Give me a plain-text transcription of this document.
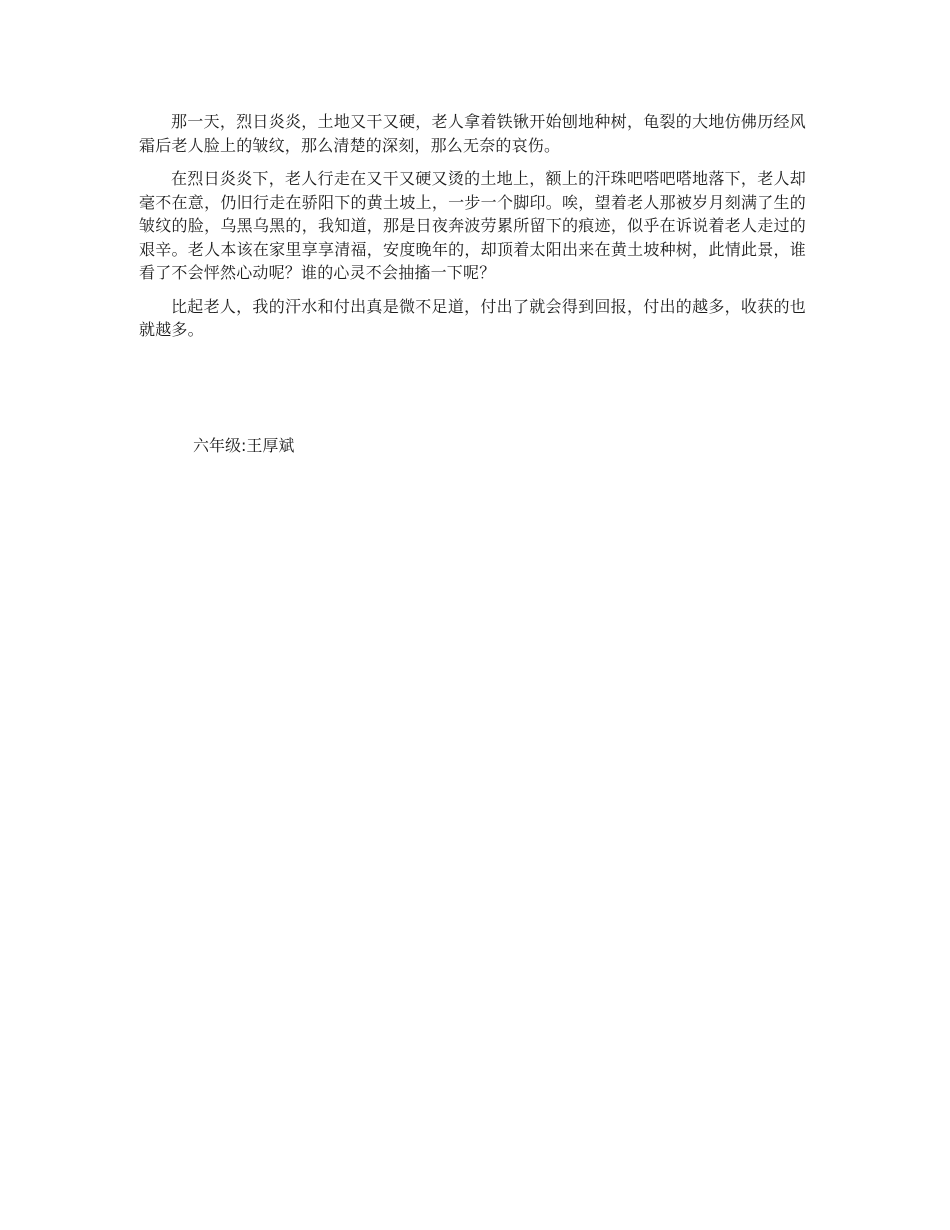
那一天，烈日炎炎，土地又干又硬，老人拿着铁锹开始刨地种树，龟裂的大地仿佛历经风霜后老人脸上的皱纹，那么清楚的深刻，那么无奈的哀伤。

在烈日炎炎下，老人行走在又干又硬又烫的土地上，额上的汗珠吧嗒吧嗒地落下，老人却毫不在意，仍旧行走在骄阳下的黄土坡上，一步一个脚印。唉，望着老人那被岁月刻满了生的皱纹的脸，乌黑乌黑的，我知道，那是日夜奔波劳累所留下的痕迹，似乎在诉说着老人走过的艰辛。老人本该在家里享享清福，安度晚年的，却顶着太阳出来在黄土坡种树，此情此景，谁看了不会怦然心动呢？谁的心灵不会抽搐一下呢？

比起老人，我的汗水和付出真是微不足道，付出了就会得到回报，付出的越多，收获的也就越多。

六年级:王厚斌
